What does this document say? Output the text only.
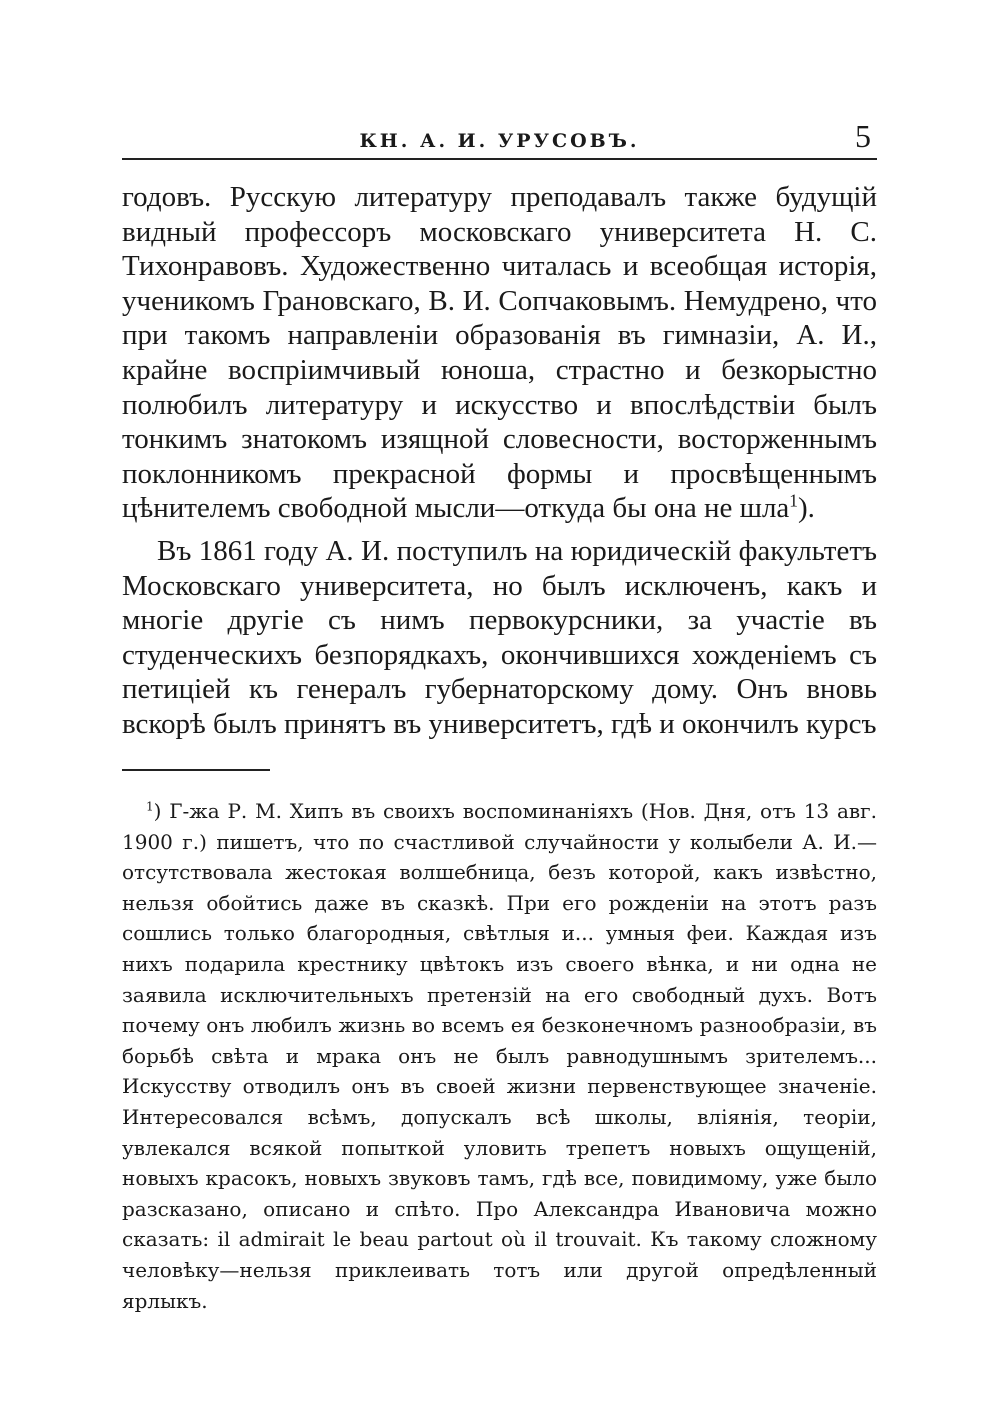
КН. А. И. УРУСОВЪ.	5

годовъ. Русскую литературу преподавалъ также будущій видный профессоръ московскаго университета Н. С. Тихонравовъ. Художественно читалась и всеобщая исторія, ученикомъ Грановскаго, В. И. Сопчаковымъ. Немудрено, что при такомъ направленіи образованія въ гимназіи, А. И., крайне воспріимчивый юноша, страстно и безкорыстно полюбилъ литературу и искусство и впослѣдствіи былъ тонкимъ знатокомъ изящной словесности, восторженнымъ поклонникомъ прекрасной формы и просвѣщеннымъ цѣнителемъ свободной мысли—откуда бы она не шла$^1$).

Въ 1861 году А. И. поступилъ на юридическій факультетъ Московскаго университета, но былъ исключенъ, какъ и многіе другіе съ нимъ первокурсники, за участіе въ студенческихъ безпорядкахъ, окончившихся хожденіемъ съ петиціей къ генералъ губернаторскому дому. Онъ вновь вскорѣ былъ принятъ въ университетъ, гдѣ и окончилъ курсъ

$^1$) Г-жа Р. М. Хипъ въ своихъ воспоминаніяхъ (Нов. Дня, отъ 13 авг. 1900 г.) пишетъ, что по счастливой случайности у колыбели А. И.—отсутствовала жестокая волшебница, безъ которой, какъ извѣстно, нельзя обойтись даже въ сказкѣ. При его рожденіи на этотъ разъ сошлись только благородныя, свѣтлыя и... умныя феи. Каждая изъ нихъ подарила крестнику цвѣтокъ изъ своего вѣнка, и ни одна не заявила исключительныхъ претензій на его свободный духъ. Вотъ почему онъ любилъ жизнь во всемъ ея безконечномъ разнообразіи, въ борьбѣ свѣта и мрака онъ не былъ равнодушнымъ зрителемъ... Искусству отводилъ онъ въ своей жизни первенствующее значеніе. Интересовался всѣмъ, допускалъ всѣ школы, вліянія, теоріи, увлекался всякой попыткой уловить трепетъ новыхъ ощущеній, новыхъ красокъ, новыхъ звуковъ тамъ, гдѣ все, повидимому, уже было разсказано, описано и спѣто. Про Александра Ивановича можно сказать: il admirait le beau partout où il trouvait. Къ такому сложному человѣку—нельзя приклеивать тотъ или другой опредѣленный ярлыкъ.
